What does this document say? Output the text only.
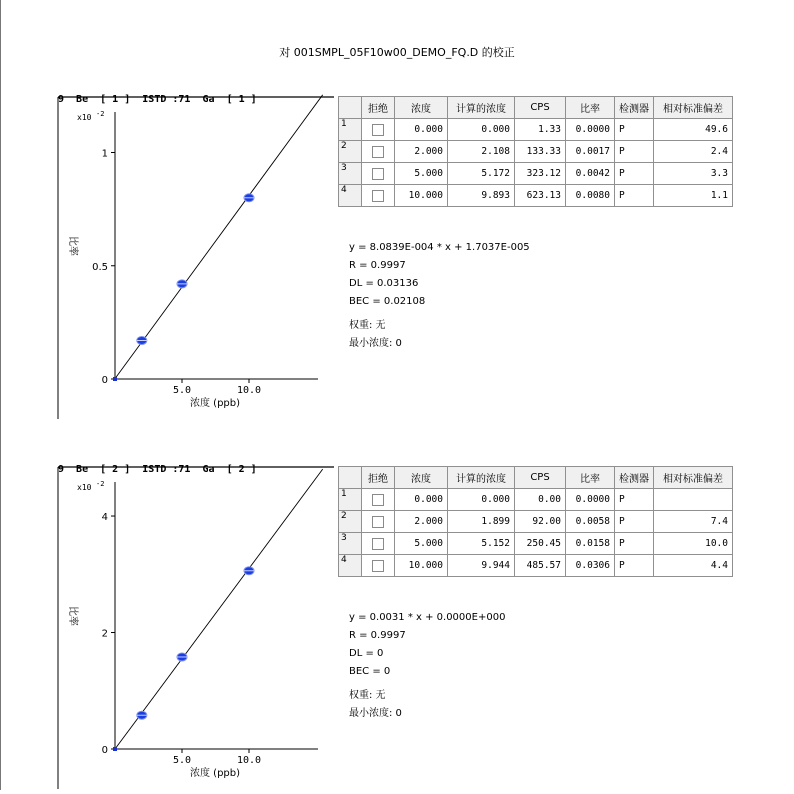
对 001SMPL_05F10w00_DEMO_FQ.D 的校正
x10 -2
0
0.5
1
5.0	10.0
浓度 (ppb)
比率
9  Be  [ 1 ]  ISTD :71  Ga  [ 1 ]
	拒绝	浓度	计算的浓度	CPS	比率	检测器	相对标准偏差
1		0.000	0.000	1.33	0.0000	P	49.6
2		2.000	2.108	133.33	0.0017	P	2.4
3		5.000	5.172	323.12	0.0042	P	3.3
4		10.000	9.893	623.13	0.0080	P	1.1
y = 8.0839E-004 * x + 1.7037E-005
R = 0.9997
DL = 0.03136
BEC = 0.02108
权重: 无
最小浓度: 0
x10 -2
0
2
4
5.0	10.0
浓度 (ppb)
比率
9  Be  [ 2 ]  ISTD :71  Ga  [ 2 ]
	拒绝	浓度	计算的浓度	CPS	比率	检测器	相对标准偏差
1		0.000	0.000	0.00	0.0000	P	
2		2.000	1.899	92.00	0.0058	P	7.4
3		5.000	5.152	250.45	0.0158	P	10.0
4		10.000	9.944	485.57	0.0306	P	4.4
y = 0.0031 * x + 0.0000E+000
R = 0.9997
DL = 0
BEC = 0
权重: 无
最小浓度: 0
